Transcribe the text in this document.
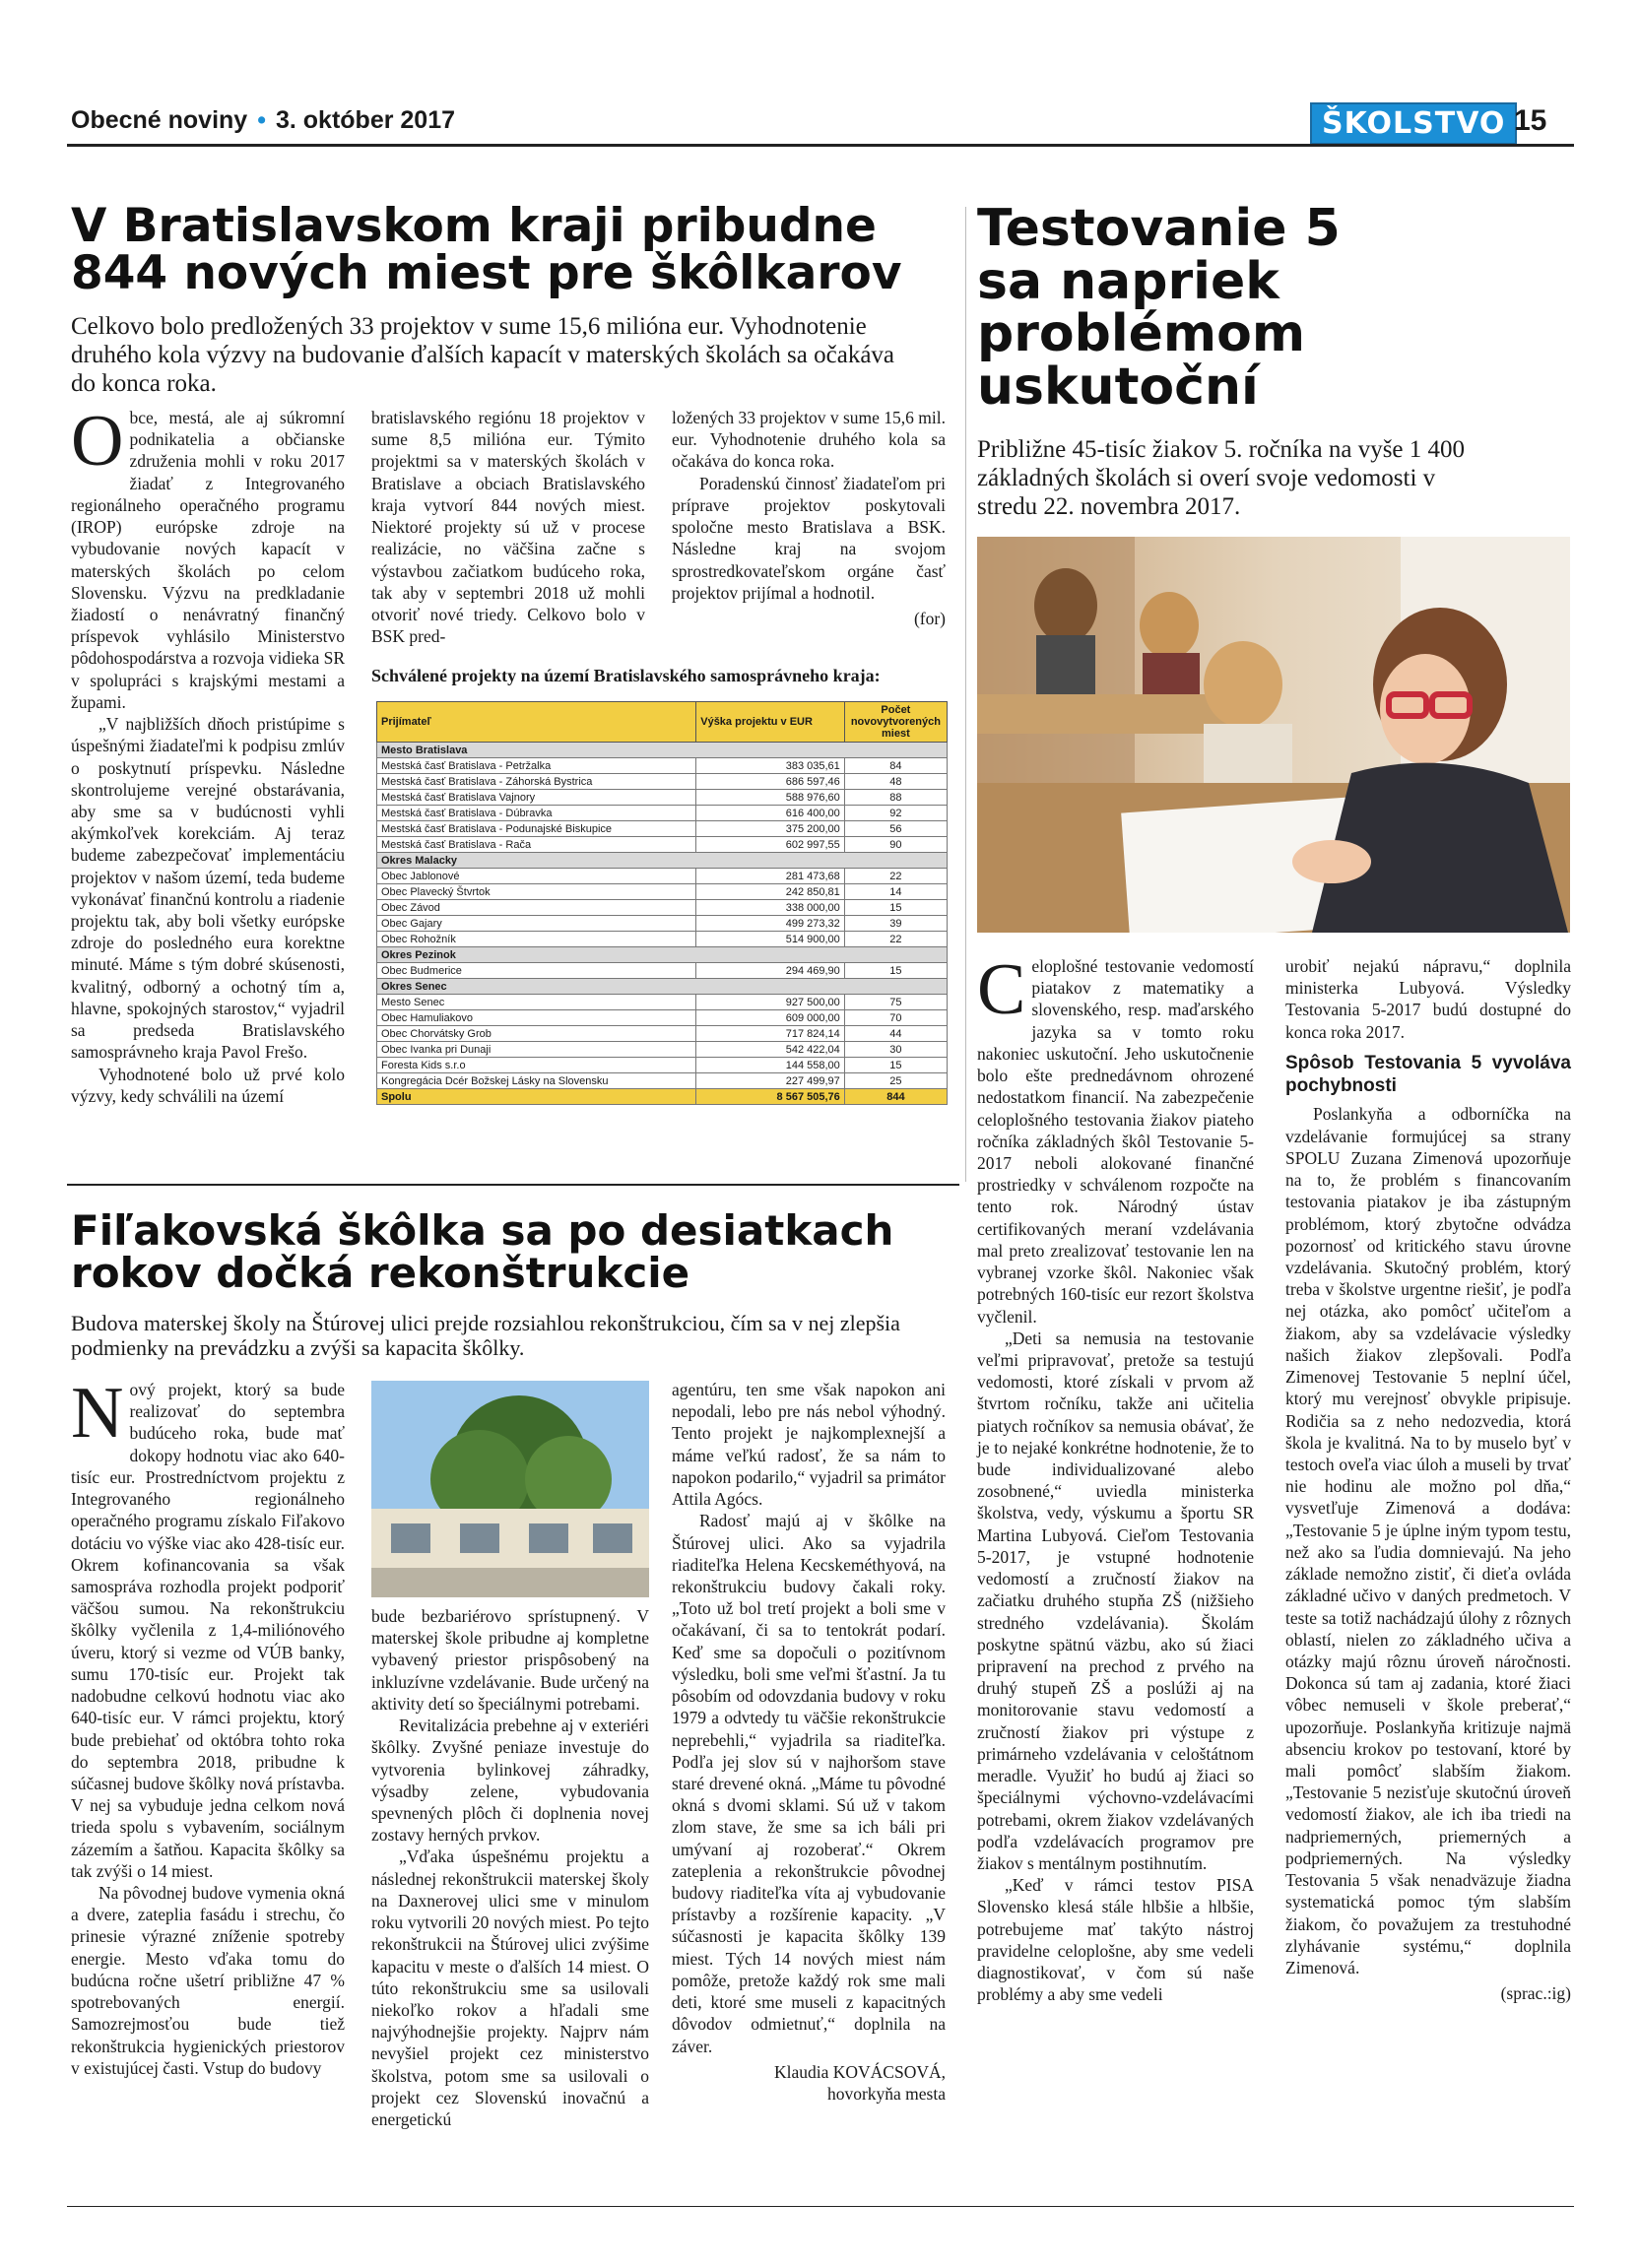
Obecné noviny • 3. október 2017	ŠKOLSTVO 15
V Bratislavskom kraji pribudne 844 nových miest pre škôlkarov

Celkovo bolo predložených 33 projektov v sume 15,6 milióna eur. Vyhodnotenie druhého kola výzvy na budovanie ďalších kapacít v materských školách sa očakáva do konca roka.

Obce, mestá, ale aj súkromní podnikatelia a občianske združenia mohli v roku 2017 žiadať z Integrovaného regionálneho operačného programu (IROP) európske zdroje na vybudovanie nových kapacít v materských školách po celom Slovensku. Výzvu na predkladanie žiadostí o nenávratný finančný príspevok vyhlásilo Ministerstvo pôdohospodárstva a rozvoja vidieka SR v spolupráci s krajskými mestami a župami.

„V najbližších dňoch pristúpime s úspešnými žiadateľmi k podpisu zmlúv o poskytnutí príspevku. Následne skontrolujeme verejné obstarávania, aby sme sa v budúcnosti vyhli akýmkoľvek korekciám. Aj teraz budeme zabezpečovať implementáciu projektov v našom území, teda budeme vykonávať finančnú kontrolu a riadenie projektu tak, aby boli všetky európske zdroje do posledného eura korektne minuté. Máme s tým dobré skúsenosti, kvalitný, odborný a ochotný tím a, hlavne, spokojných starostov,“ vyjadril sa predseda Bratislavského samosprávneho kraja Pavol Frešo.

Vyhodnotené bolo už prvé kolo výzvy, kedy schválili na území

bratislavského regiónu 18 projektov v sume 8,5 milióna eur. Týmito projektmi sa v materských školách v Bratislave a obciach Bratislavského kraja vytvorí 844 nových miest. Niektoré projekty sú už v procese realizácie, no väčšina začne s výstavbou začiatkom budúceho roka, tak aby v septembri 2018 už mohli otvoriť nové triedy. Celkovo bolo v BSK pred-

ložených 33 projektov v sume 15,6 mil. eur. Vyhodnotenie druhého kola sa očakáva do konca roka.

Poradenskú činnosť žiadateľom pri príprave projektov poskytovali spoločne mesto Bratislava a BSK. Následne kraj na svojom sprostredkovateľskom orgáne časť projektov prijímal a hodnotil.

(for)
Schválené projekty na území Bratislavského samosprávneho kraja:
Prijímateľ	Výška projektu v EUR	Počet novovytvorených miest
Mesto Bratislava		
Mestská časť Bratislava - Petržalka	383 035,61	84
Mestská časť Bratislava - Záhorská Bystrica	686 597,46	48
Mestská časť Bratislava Vajnory	588 976,60	88
Mestská časť Bratislava - Dúbravka	616 400,00	92
Mestská časť Bratislava - Podunajské Biskupice	375 200,00	56
Mestská časť Bratislava - Rača	602 997,55	90
Okres Malacky		
Obec Jablonové	281 473,68	22
Obec Plavecký Štvrtok	242 850,81	14
Obec Závod	338 000,00	15
Obec Gajary	499 273,32	39
Obec Rohožník	514 900,00	22
Okres Pezinok		
Obec Budmerice	294 469,90	15
Okres Senec		
Mesto Senec	927 500,00	75
Obec Hamuliakovo	609 000,00	70
Obec Chorvátsky Grob	717 824,14	44
Obec Ivanka pri Dunaji	542 422,04	30
Foresta Kids s.r.o	144 558,00	15
Kongregácia Dcér Božskej Lásky na Slovensku	227 499,97	25
Spolu	8 567 505,76	844
Testovanie 5 sa napriek problémom uskutoční

Približne 45-tisíc žiakov 5. ročníka na vyše 1 400 základných školách si overí svoje vedomosti v stredu 22. novembra 2017.

Celoplošné testovanie vedomostí piatakov z matematiky a slovenského, resp. maďarského jazyka sa v tomto roku nakoniec uskutoční. Jeho uskutočnenie bolo ešte prednedávnom ohrozené nedostatkom financií. Na zabezpečenie celoplošného testovania žiakov piateho ročníka základných škôl Testovanie 5-2017 neboli alokované finančné prostriedky v schválenom rozpočte na tento rok. Národný ústav certifikovaných meraní vzdelávania mal preto zrealizovať testovanie len na vybranej vzorke škôl. Nakoniec však potrebných 160-tisíc eur rezort školstva vyčlenil.

„Deti sa nemusia na testovanie veľmi pripravovať, pretože sa testujú vedomosti, ktoré získali v prvom až štvrtom ročníku, takže ani učitelia piatych ročníkov sa nemusia obávať, že je to nejaké konkrétne hodnotenie, že to bude individualizované alebo zosobnené,“ uviedla ministerka školstva, vedy, výskumu a športu SR Martina Lubyová. Cieľom Testovania 5-2017, je vstupné hodnotenie vedomostí a zručností žiakov na začiatku druhého stupňa ZŠ (nižšieho stredného vzdelávania). Školám poskytne spätnú väzbu, ako sú žiaci pripravení na prechod z prvého na druhý stupeň ZŠ a poslúži aj na monitorovanie stavu vedomostí a zručností žiakov pri výstupe z primárneho vzdelávania v celoštátnom meradle. Využiť ho budú aj žiaci so špeciálnymi výchovno-vzdelávacími potrebami, okrem žiakov vzdelávaných podľa vzdelávacích programov pre žiakov s mentálnym postihnutím.

„Keď v rámci testov PISA Slovensko klesá stále hlbšie a hlbšie, potrebujeme mať takýto nástroj pravidelne celoplošne, aby sme vedeli diagnostikovať, v čom sú naše problémy a aby sme vedeli

urobiť nejakú nápravu,“ doplnila ministerka Lubyová. Výsledky Testovania 5-2017 budú dostupné do konca roka 2017.

Spôsob Testovania 5 vyvoláva pochybnosti

Poslankyňa a odborníčka na vzdelávanie formujúcej sa strany SPOLU Zuzana Zimenová upozorňuje na to, že problém s financovaním testovania piatakov je iba zástupným problémom, ktorý zbytočne odvádza pozornosť od kritického stavu úrovne vzdelávania. Skutočný problém, ktorý treba v školstve urgentne riešiť, je podľa nej otázka, ako pomôcť učiteľom a žiakom, aby sa vzdelávacie výsledky našich žiakov zlepšovali. Podľa Zimenovej Testovanie 5 neplní účel, ktorý mu verejnosť obvykle pripisuje. Rodičia sa z neho nedozvedia, ktorá škola je kvalitná. Na to by muselo byť v testoch oveľa viac úloh a museli by trvať nie hodinu ale možno pol dňa,“ vysvetľuje Zimenová a dodáva: „Testovanie 5 je úplne iným typom testu, než ako sa ľudia domnievajú. Na jeho základe nemožno zistiť, či dieťa ovláda základné učivo v daných predmetoch. V teste sa totiž nachádzajú úlohy z rôznych oblastí, nielen zo základného učiva a otázky majú rôznu úroveň náročnosti. Dokonca sú tam aj zadania, ktoré žiaci vôbec nemuseli v škole preberať,“ upozorňuje. Poslankyňa kritizuje najmä absenciu krokov po testovaní, ktoré by mali pomôcť slabším žiakom. „Testovanie 5 nezisťuje skutočnú úroveň vedomostí žiakov, ale ich iba triedi na nadpriemerných, priemerných a podpriemerných. Na výsledky Testovania 5 však nenadväzuje žiadna systematická pomoc tým slabším žiakom, čo považujem za trestuhodné zlyhávanie systému,“ doplnila Zimenová.

(sprac.:ig)
Fiľakovská škôlka sa po desiatkach rokov dočká rekonštrukcie

Budova materskej školy na Štúrovej ulici prejde rozsiahlou rekonštrukciou, čím sa v nej zlepšia podmienky na prevádzku a zvýši sa kapacita škôlky.

Nový projekt, ktorý sa bude realizovať do septembra budúceho roka, bude mať dokopy hodnotu viac ako 640-tisíc eur. Prostredníctvom projektu z Integrovaného regionálneho operačného programu získalo Fiľakovo dotáciu vo výške viac ako 428-tisíc eur. Okrem kofinancovania sa však samospráva rozhodla projekt podporiť väčšou sumou. Na rekonštrukciu škôlky vyčlenila z 1,4-miliónového úveru, ktorý si vezme od VÚB banky, sumu 170-tisíc eur. Projekt tak nadobudne celkovú hodnotu viac ako 640-tisíc eur. V rámci projektu, ktorý bude prebiehať od októbra tohto roka do septembra 2018, pribudne k súčasnej budove škôlky nová prístavba. V nej sa vybuduje jedna celkom nová trieda spolu s vybavením, sociálnym zázemím a šatňou. Kapacita škôlky sa tak zvýši o 14 miest.

Na pôvodnej budove vymenia okná a dvere, zateplia fasádu i strechu, čo prinesie výrazné zníženie spotreby energie. Mesto vďaka tomu do budúcna ročne ušetrí približne 47 % spotrebovaných energií. Samozrejmosťou bude tiež rekonštrukcia hygienických priestorov v existujúcej časti. Vstup do budovy

bude bezbariérovo sprístupnený. V materskej škole pribudne aj kompletne vybavený priestor prispôsobený na inkluzívne vzdelávanie. Bude určený na aktivity detí so špeciálnymi potrebami.

Revitalizácia prebehne aj v exteriéri škôlky. Zvyšné peniaze investuje do vytvorenia bylinkovej záhradky, výsadby zelene, vybudovania spevnených plôch či doplnenia novej zostavy herných prvkov.

„Vďaka úspešnému projektu a následnej rekonštrukcii materskej školy na Daxnerovej ulici sme v minulom roku vytvorili 20 nových miest. Po tejto rekonštrukcii na Štúrovej ulici zvýšime kapacitu v meste o ďalších 14 miest. O túto rekonštrukciu sme sa usilovali niekoľko rokov a hľadali sme najvýhodnejšie projekty. Najprv nám nevyšiel projekt cez ministerstvo školstva, potom sme sa usilovali o projekt cez Slovenskú inovačnú a energetickú

agentúru, ten sme však napokon ani nepodali, lebo pre nás nebol výhodný. Tento projekt je najkomplexnejší a máme veľkú radosť, že sa nám to napokon podarilo,“ vyjadril sa primátor Attila Agócs.

Radosť majú aj v škôlke na Štúrovej ulici. Ako sa vyjadrila riaditeľka Helena Kecskeméthyová, na rekonštrukciu budovy čakali roky. „Toto už bol tretí projekt a boli sme v očakávaní, či sa to tentokrát podarí. Keď sme sa dopočuli o pozitívnom výsledku, boli sme veľmi šťastní. Ja tu pôsobím od odovzdania budovy v roku 1979 a odvtedy tu väčšie rekonštrukcie neprebehli,“ vyjadrila sa riaditeľka. Podľa jej slov sú v najhoršom stave staré drevené okná. „Máme tu pôvodné okná s dvomi sklami. Sú už v takom zlom stave, že sme sa ich báli pri umývaní aj rozoberať.“ Okrem zateplenia a rekonštrukcie pôvodnej budovy riaditeľka víta aj vybudovanie prístavby a rozšírenie kapacity. „V súčasnosti je kapacita škôlky 139 miest. Tých 14 nových miest nám pomôže, pretože každý rok sme mali deti, ktoré sme museli z kapacitných dôvodov odmietnuť,“ doplnila na záver.

Klaudia KOVÁCSOVÁ,
hovorkyňa mesta
